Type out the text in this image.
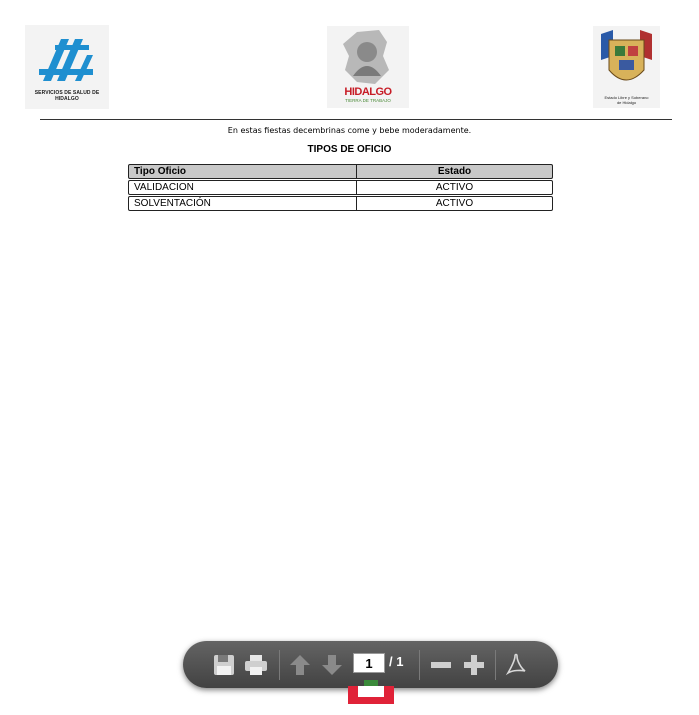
SERVICIOS DE SALUD DE HIDALGO
HIDALGO
TIERRA DE TRABAJO
Estado Libre y Soberano
de Hidalgo
En estas fiestas decembrinas come y bebe moderadamente.
TIPOS DE OFICIO
Tipo Oficio	Estado
VALIDACION	ACTIVO
SOLVENTACIÓN	ACTIVO
1
/ 1
